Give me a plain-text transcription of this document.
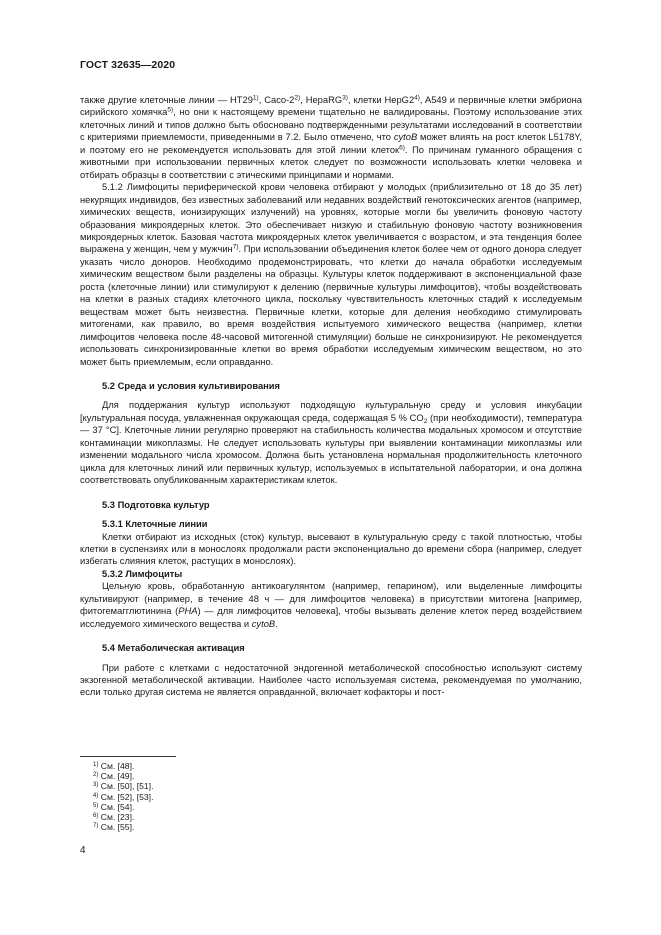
ГОСТ 32635—2020

также другие клеточные линии — HT29$^{1)}$, Caco-2$^{2)}$, HepaRG$^{3)}$, клетки HepG2$^{4)}$, A549 и первичные клетки эмбриона сирийского хомячка$^{5)}$, но они к настоящему времени тщательно не валидированы. Поэтому использование этих клеточных линий и типов должно быть обосновано подтвержденными результатами исследований в соответствии с критериями приемлемости, приведенными в 7.2. Было отмечено, что cytoB может влиять на рост клеток L5178Y, и поэтому его не рекомендуется использовать для этой линии клеток$^{6)}$. По причинам гуманного обращения с животными при использовании первичных клеток следует по возможности использовать клетки человека и отбирать образцы в соответствии с этическими принципами и нормами.

5.1.2 Лимфоциты периферической крови человека отбирают у молодых (приблизительно от 18 до 35 лет) некурящих индивидов, без известных заболеваний или недавних воздействий генотоксических агентов (например, химических веществ, ионизирующих излучений) на уровнях, которые могли бы увеличить фоновую частоту образования микроядерных клеток. Это обеспечивает низкую и стабильную фоновую частоту возникновения микроядерных клеток. Базовая частота микроядерных клеток увеличивается с возрастом, и эта тенденция более выражена у женщин, чем у мужчин$^{7)}$. При использовании объединения клеток более чем от одного донора следует указать число доноров. Необходимо продемонстрировать, что клетки до начала обработки исследуемым химическим веществом были разделены на образцы. Культуры клеток поддерживают в экспоненциальной фазе роста (клеточные линии) или стимулируют к делению (первичные культуры лимфоцитов), чтобы воздействовать на клетки в разных стадиях клеточного цикла, поскольку чувствительность клеточных стадий к исследуемым веществам может быть неизвестна. Первичные клетки, которые для деления необходимо стимулировать митогенами, как правило, во время воздействия испытуемого химического вещества (например, клетки лимфоцитов человека после 48-часовой митогенной стимуляции) больше не синхронизируют. Не рекомендуется использовать синхронизированные клетки во время обработки исследуемым химическим веществом, но это может быть приемлемым, если оправданно.

5.2 Среда и условия культивирования

Для поддержания культур используют подходящую культуральную среду и условия инкубации [культуральная посуда, увлажненная окружающая среда, содержащая 5 % $CO_2$ (при необходимости), температура — 37 °C]. Клеточные линии регулярно проверяют на стабильность количества модальных хромосом и отсутствие контаминации микоплазмы. Не следует использовать культуры при выявлении контаминации микоплазмы или изменении модального числа хромосом. Должна быть установлена нормальная продолжительность клеточного цикла для клеточных линий или первичных культур, используемых в испытательной лаборатории, и она должна соответствовать опубликованным характеристикам клеток.

5.3 Подготовка культур

5.3.1 Клеточные линии

Клетки отбирают из исходных (сток) культур, высевают в культуральную среду с такой плотностью, чтобы клетки в суспензиях или в монослоях продолжали расти экспоненциально до времени сбора (например, следует избегать слияния клеток, растущих в монослоях).

5.3.2 Лимфоциты

Цельную кровь, обработанную антикоагулянтом (например, гепарином), или выделенные лимфоциты культивируют (например, в течение 48 ч — для лимфоцитов человека) в присутствии митогена [например, фитогемагглютинина (PHA) — для лимфоцитов человека], чтобы вызывать деление клеток перед воздействием исследуемого химического вещества и cytoB.

5.4 Метаболическая активация

При работе с клетками с недостаточной эндогенной метаболической способностью используют систему экзогенной метаболической активации. Наиболее часто используемая система, рекомендуемая по умолчанию, если только другая система не является оправданной, включает кофакторы и пост-

$^{1)}$ См. [48].
$^{2)}$ См. [49].
$^{3)}$ См. [50], [51].
$^{4)}$ См. [52], [53].
$^{5)}$ См. [54].
$^{6)}$ См. [23].
$^{7)}$ См. [55].
4
